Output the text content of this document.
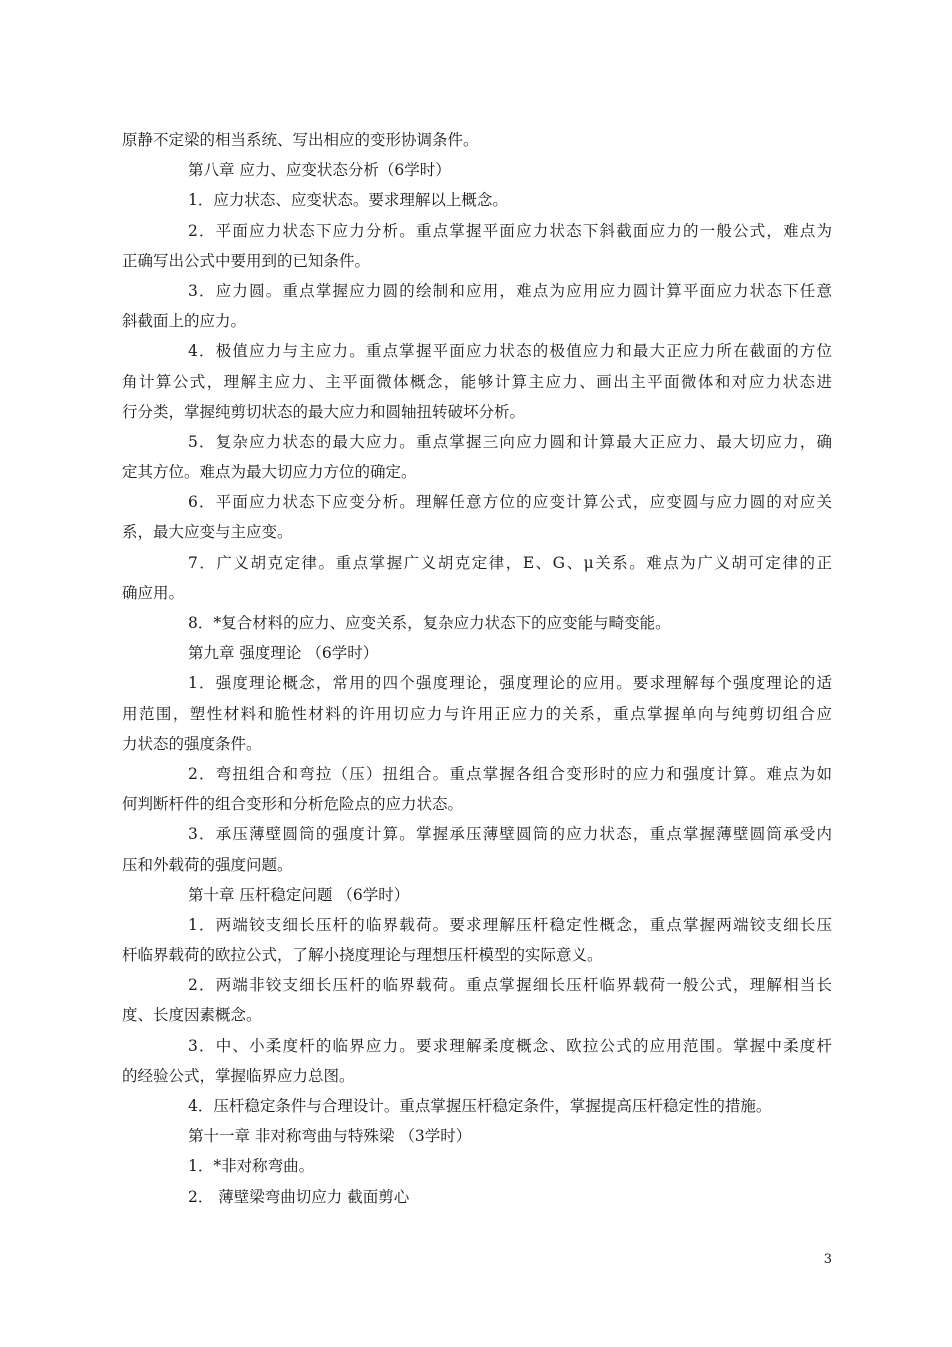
原静不定梁的相当系统、写出相应的变形协调条件。
第八章 应力、应变状态分析（6学时）
1．应力状态、应变状态。要求理解以上概念。
2．平面应力状态下应力分析。重点掌握平面应力状态下斜截面应力的一般公式，难点为
正确写出公式中要用到的已知条件。
3．应力圆。重点掌握应力圆的绘制和应用，难点为应用应力圆计算平面应力状态下任意
斜截面上的应力。
4．极值应力与主应力。重点掌握平面应力状态的极值应力和最大正应力所在截面的方位
角计算公式，理解主应力、主平面微体概念，能够计算主应力、画出主平面微体和对应力状态进
行分类，掌握纯剪切状态的最大应力和圆轴扭转破坏分析。
5．复杂应力状态的最大应力。重点掌握三向应力圆和计算最大正应力、最大切应力，确
定其方位。难点为最大切应力方位的确定。
6．平面应力状态下应变分析。理解任意方位的应变计算公式，应变圆与应力圆的对应关
系，最大应变与主应变。
7．广义胡克定律。重点掌握广义胡克定律，E、G、μ关系。难点为广义胡可定律的正
确应用。
8．*复合材料的应力、应变关系，复杂应力状态下的应变能与畸变能。
第九章 强度理论 （6学时）
1．强度理论概念，常用的四个强度理论，强度理论的应用。要求理解每个强度理论的适
用范围，塑性材料和脆性材料的许用切应力与许用正应力的关系，重点掌握单向与纯剪切组合应
力状态的强度条件。
2．弯扭组合和弯拉（压）扭组合。重点掌握各组合变形时的应力和强度计算。难点为如
何判断杆件的组合变形和分析危险点的应力状态。
3．承压薄壁圆筒的强度计算。掌握承压薄壁圆筒的应力状态，重点掌握薄壁圆筒承受内
压和外载荷的强度问题。
第十章 压杆稳定问题 （6学时）
1．两端铰支细长压杆的临界载荷。要求理解压杆稳定性概念，重点掌握两端铰支细长压
杆临界载荷的欧拉公式，了解小挠度理论与理想压杆模型的实际意义。
2．两端非铰支细长压杆的临界载荷。重点掌握细长压杆临界载荷一般公式，理解相当长
度、长度因素概念。
3．中、小柔度杆的临界应力。要求理解柔度概念、欧拉公式的应用范围。掌握中柔度杆
的经验公式，掌握临界应力总图。
4．压杆稳定条件与合理设计。重点掌握压杆稳定条件，掌握提高压杆稳定性的措施。
第十一章 非对称弯曲与特殊梁 （3学时）
1．*非对称弯曲。
2． 薄壁梁弯曲切应力 截面剪心
3
